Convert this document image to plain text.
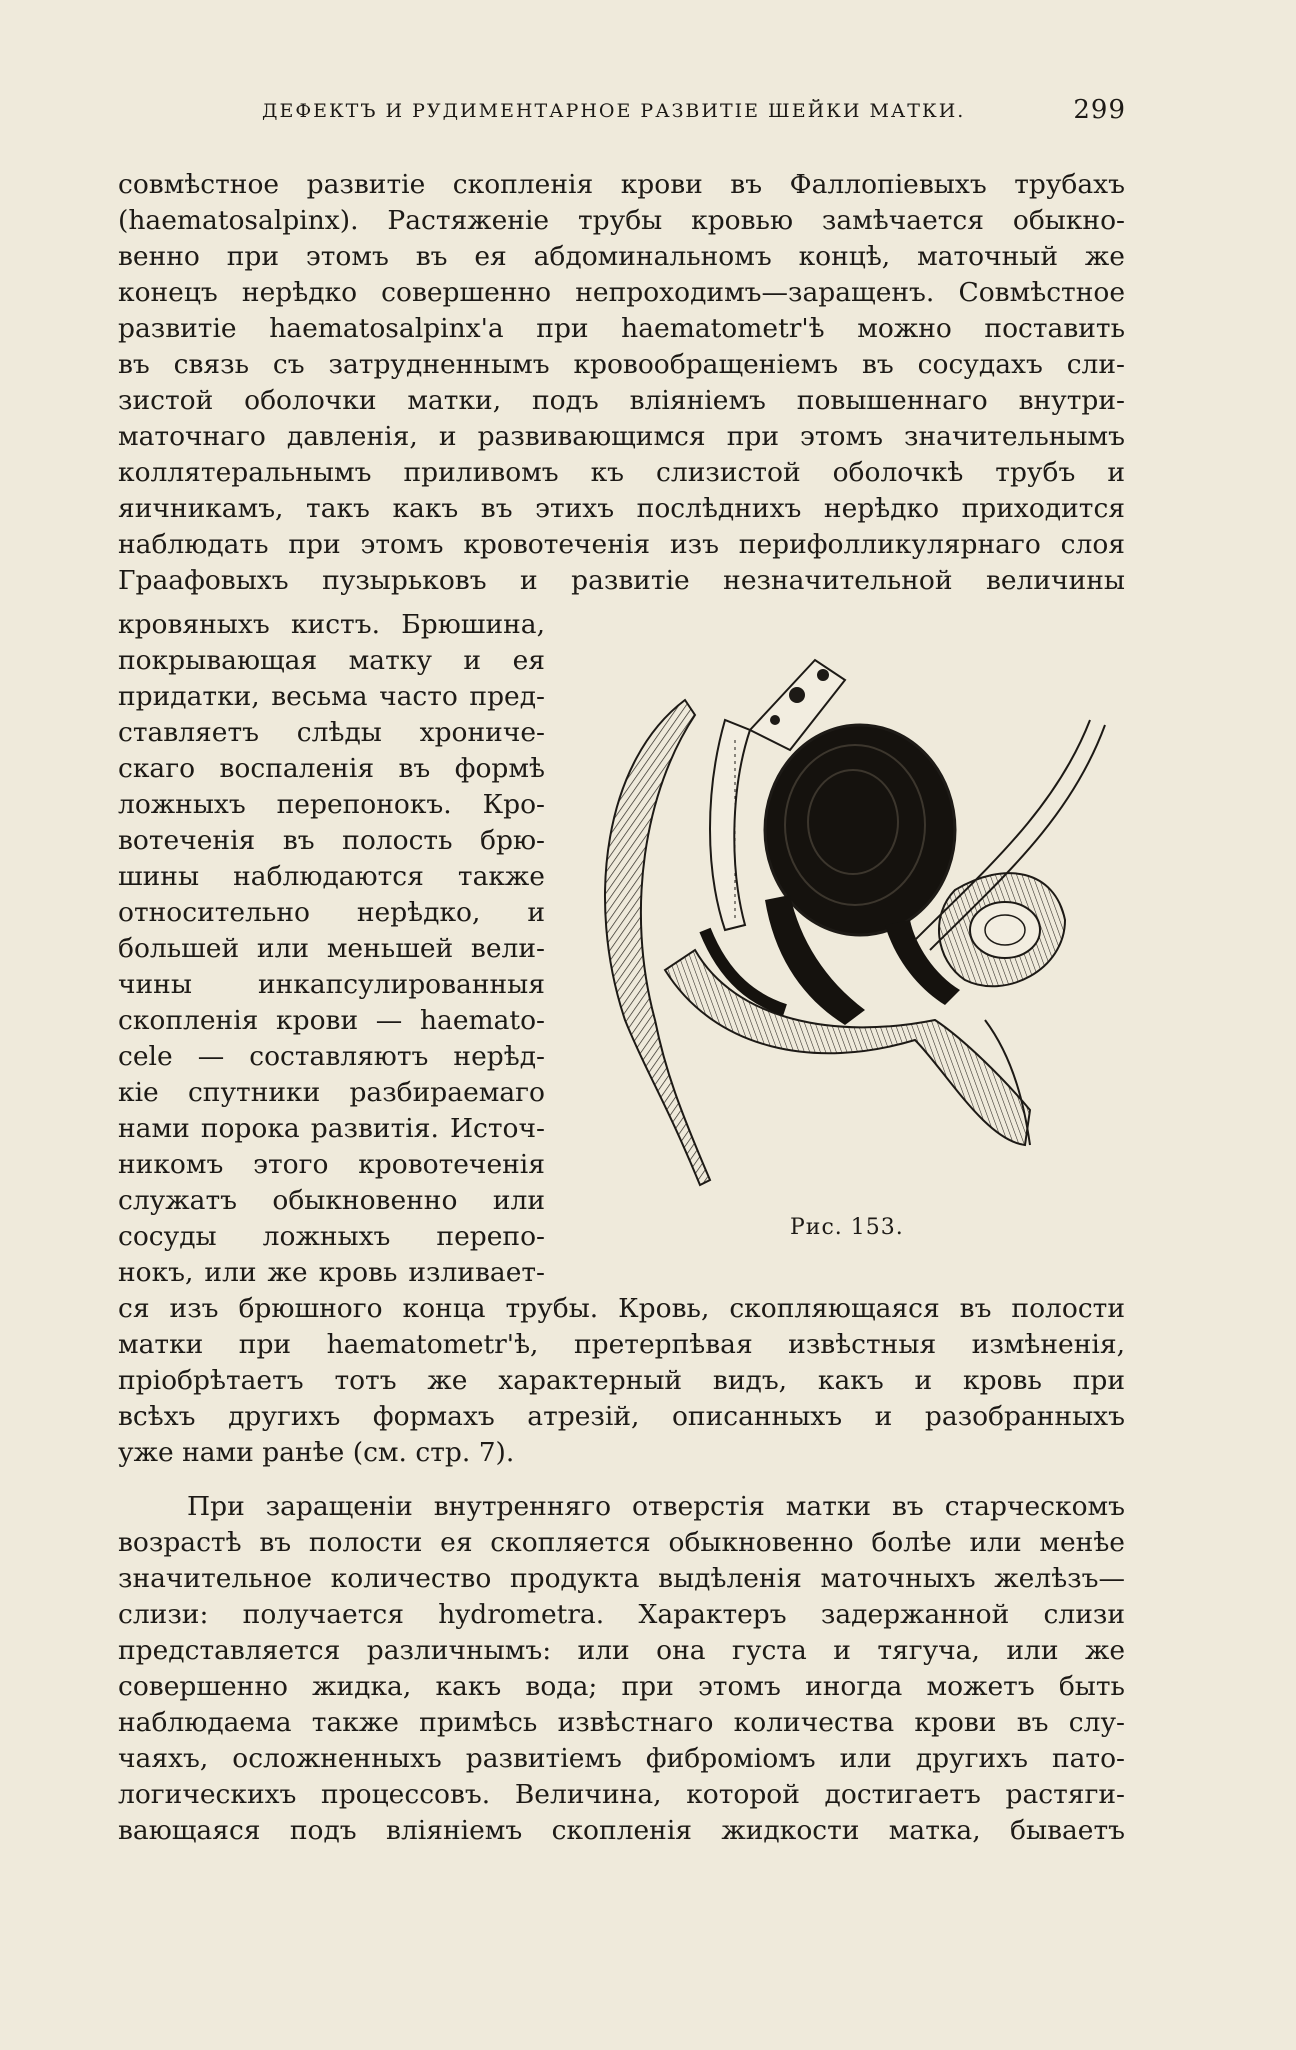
ДЕФЕКТЪ И РУДИМЕНТАРНОЕ РАЗВИТІЕ ШЕЙКИ МАТКИ.	299
совмѣстное развитіе скопленія крови въ Фаллопіевыхъ трубахъ
(haematosalpinx). Растяженіе трубы кровью замѣчается обыкно-
венно при этомъ въ ея абдоминальномъ концѣ, маточный же
конецъ нерѣдко совершенно непроходимъ—заращенъ. Совмѣстное
развитіе haematosalpinx'а при haematometr'ѣ можно поставить
въ связь съ затрудненнымъ кровообращеніемъ въ сосудахъ сли-
зистой оболочки матки, подъ вліяніемъ повышеннаго внутри-
маточнаго давленія, и развивающимся при этомъ значительнымъ
коллятеральнымъ приливомъ къ слизистой оболочкѣ трубъ и
яичникамъ, такъ какъ въ этихъ послѣднихъ нерѣдко приходится
наблюдать при этомъ кровотеченія изъ перифолликулярнаго слоя
Граафовыхъ пузырьковъ и развитіе незначительной величины
кровяныхъ кистъ. Брюшина,
покрывающая матку и ея
придатки, весьма часто пред-
ставляетъ слѣды хрониче-
скаго воспаленія въ формѣ
ложныхъ перепонокъ. Кро-
вотеченія въ полость брю-
шины наблюдаются также
относительно нерѣдко, и
большей или меньшей вели-
чины инкапсулированныя
скопленія крови — haemato-
cele — составляютъ нерѣд-
кіе спутники разбираемаго
нами порока развитія. Источ-
никомъ этого кровотеченія
служатъ обыкновенно или
сосуды ложныхъ перепо-
нокъ, или же кровь изливает-
Рис. 153.
ся изъ брюшного конца трубы. Кровь, скопляющаяся въ полости
матки при haematometr'ѣ, претерпѣвая извѣстныя измѣненія,
пріобрѣтаетъ тотъ же характерный видъ, какъ и кровь при
всѣхъ другихъ формахъ атрезій, описанныхъ и разобранныхъ
уже нами ранѣе (см. стр. 7).
При заращеніи внутренняго отверстія матки въ старческомъ
возрастѣ въ полости ея скопляется обыкновенно болѣе или менѣе
значительное количество продукта выдѣленія маточныхъ желѣзъ—
слизи: получается hydrometra. Характеръ задержанной слизи
представляется различнымъ: или она густа и тягуча, или же
совершенно жидка, какъ вода; при этомъ иногда можетъ быть
наблюдаема также примѣсь извѣстнаго количества крови въ слу-
чаяхъ, осложненныхъ развитіемъ фиброміомъ или другихъ пато-
логическихъ процессовъ. Величина, которой достигаетъ растяги-
вающаяся подъ вліяніемъ скопленія жидкости матка, бываетъ
